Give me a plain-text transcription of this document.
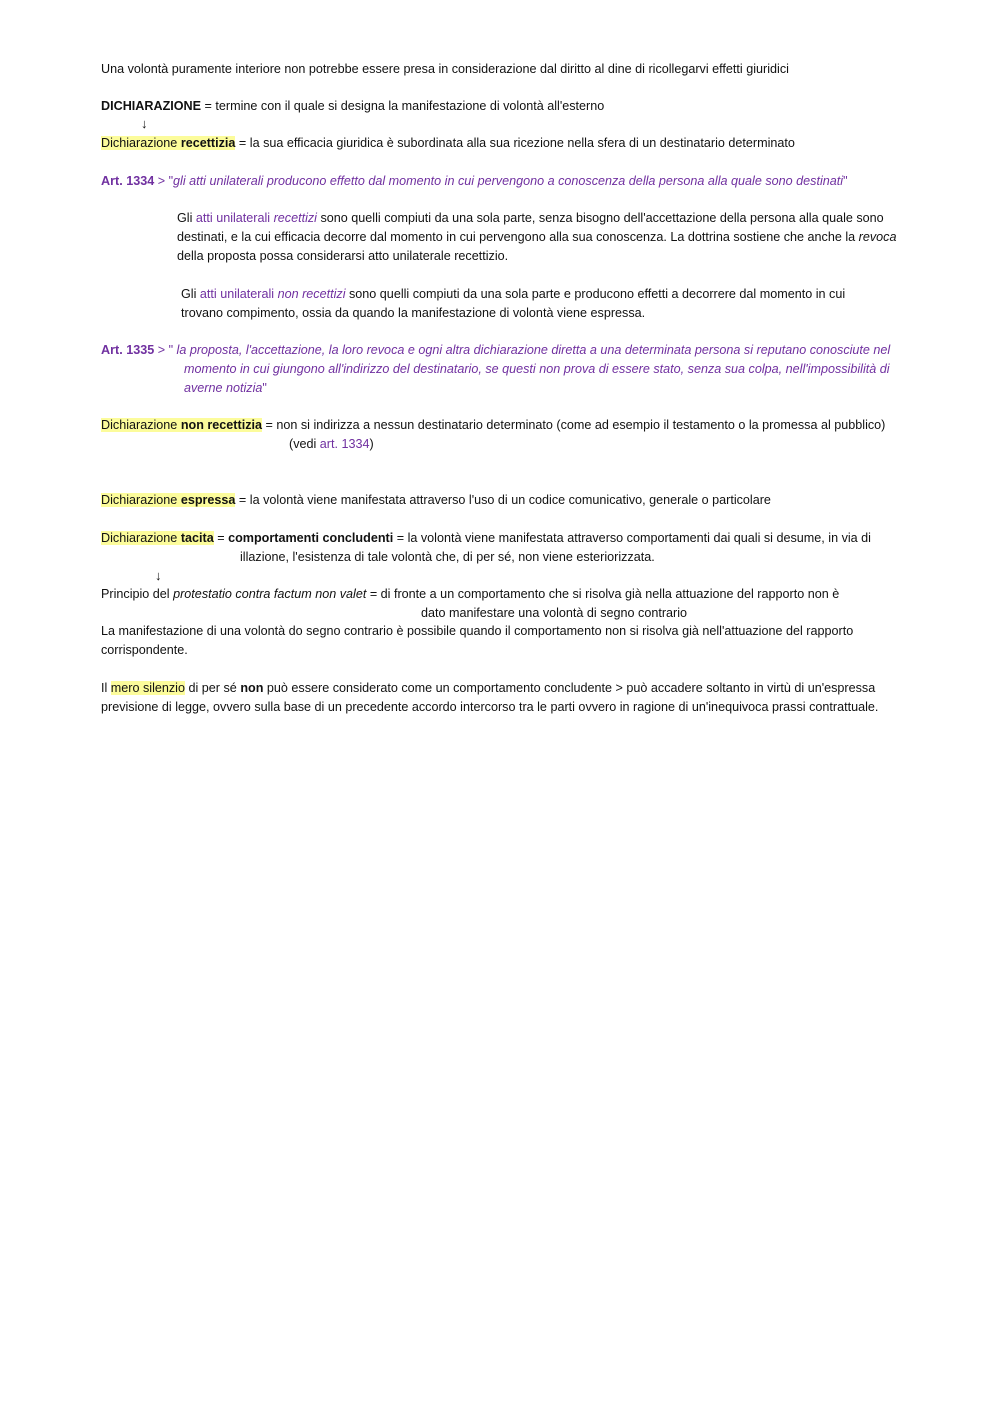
Una volontà puramente interiore non potrebbe essere presa in considerazione dal diritto al dine di ricollegarvi effetti giuridici
DICHIARAZIONE = termine con il quale si designa la manifestazione di volontà all'esterno
↓
Dichiarazione recettizia = la sua efficacia giuridica è subordinata alla sua ricezione nella sfera di un destinatario determinato
Art. 1334 > "gli atti unilaterali producono effetto dal momento in cui pervengono a conoscenza della persona alla quale sono destinati"
Gli atti unilaterali recettizi sono quelli compiuti da una sola parte, senza bisogno dell'accettazione della persona alla quale sono
destinati, e la cui efficacia decorre dal momento in cui pervengono alla sua conoscenza. La dottrina sostiene che anche la revoca
della proposta possa considerarsi atto unilaterale recettizio.
Gli atti unilaterali non recettizi sono quelli compiuti da una sola parte e producono effetti a decorrere dal momento in cui
trovano compimento, ossia da quando la manifestazione di volontà viene espressa.
Art. 1335 > " la proposta, l'accettazione, la loro revoca e ogni altra dichiarazione diretta a una determinata persona si reputano conosciute nel
momento in cui giungono all'indirizzo del destinatario, se questi non prova di essere stato, senza sua colpa, nell'impossibilità di
averne notizia"
Dichiarazione non recettizia = non si indirizza a nessun destinatario determinato (come ad esempio il testamento o la promessa al pubblico)
(vedi art. 1334)
Dichiarazione espressa = la volontà viene manifestata attraverso l'uso di un codice comunicativo, generale o particolare
Dichiarazione tacita = comportamenti concludenti = la volontà viene manifestata attraverso comportamenti dai quali si desume, in via di
illazione, l'esistenza di tale volontà che, di per sé, non viene esteriorizzata.
↓
Principio del protestatio contra factum non valet = di fronte a un comportamento che si risolva già nella attuazione del rapporto non è
dato manifestare una volontà di segno contrario
La manifestazione di una volontà do segno contrario è possibile quando il comportamento non si risolva già nell'attuazione del rapporto
corrispondente.
Il mero silenzio di per sé non può essere considerato come un comportamento concludente > può accadere soltanto in virtù di un'espressa
previsione di legge, ovvero sulla base di un precedente accordo intercorso tra le parti ovvero in ragione di un'inequivoca prassi contrattuale.
